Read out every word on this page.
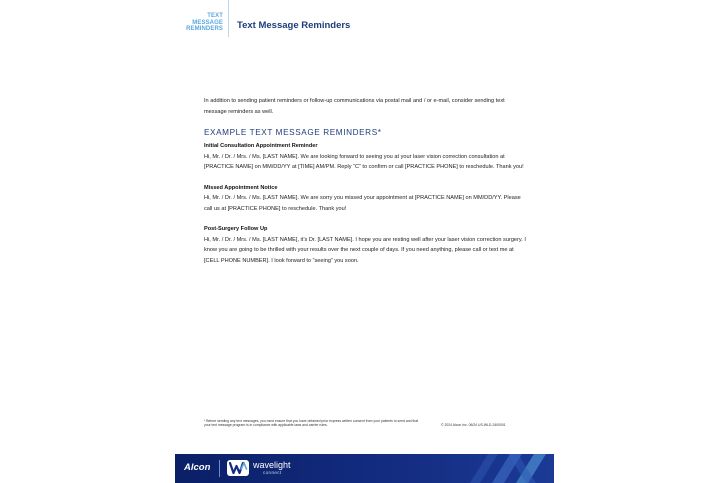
TEXT
MESSAGE
REMINDERS Text Message Reminders

In addition to sending patient reminders or follow-up communications via postal mail and / or e-mail, consider sending text message reminders as well.

EXAMPLE TEXT MESSAGE REMINDERS*

Initial Consultation Appointment Reminder

Hi, Mr. / Dr. / Mrs. / Ms. [LAST NAME]. We are looking forward to seeing you at your laser vision correction consultation at [PRACTICE NAME] on MM/DD/YY at [TIME] AM/PM. Reply “C” to confirm or call [PRACTICE PHONE] to reschedule. Thank you!

Missed Appointment Notice

Hi, Mr. / Dr. / Mrs. / Ms. [LAST NAME]. We are sorry you missed your appointment at [PRACTICE NAME] on MM/DD/YY. Please call us at [PRACTICE PHONE] to reschedule. Thank you!

Post-Surgery Follow Up

Hi, Mr. / Dr. / Mrs. / Ms. [LAST NAME], it’s Dr. [LAST NAME]. I hope you are resting well after your laser vision correction surgery. I know you are going to be thrilled with your results over the next couple of days. If you need anything, please call or text me at [CELL PHONE NUMBER]. I look forward to “seeing” you soon.

* Before sending any text messages, you must ensure that you have obtained prior express written consent from your patients to send and that your text message program is in compliance with applicable laws and carrier rules.	© 2024 Alcon Inc. 06/24 US-WLD-2400001
Alcon	wavelight
connect
